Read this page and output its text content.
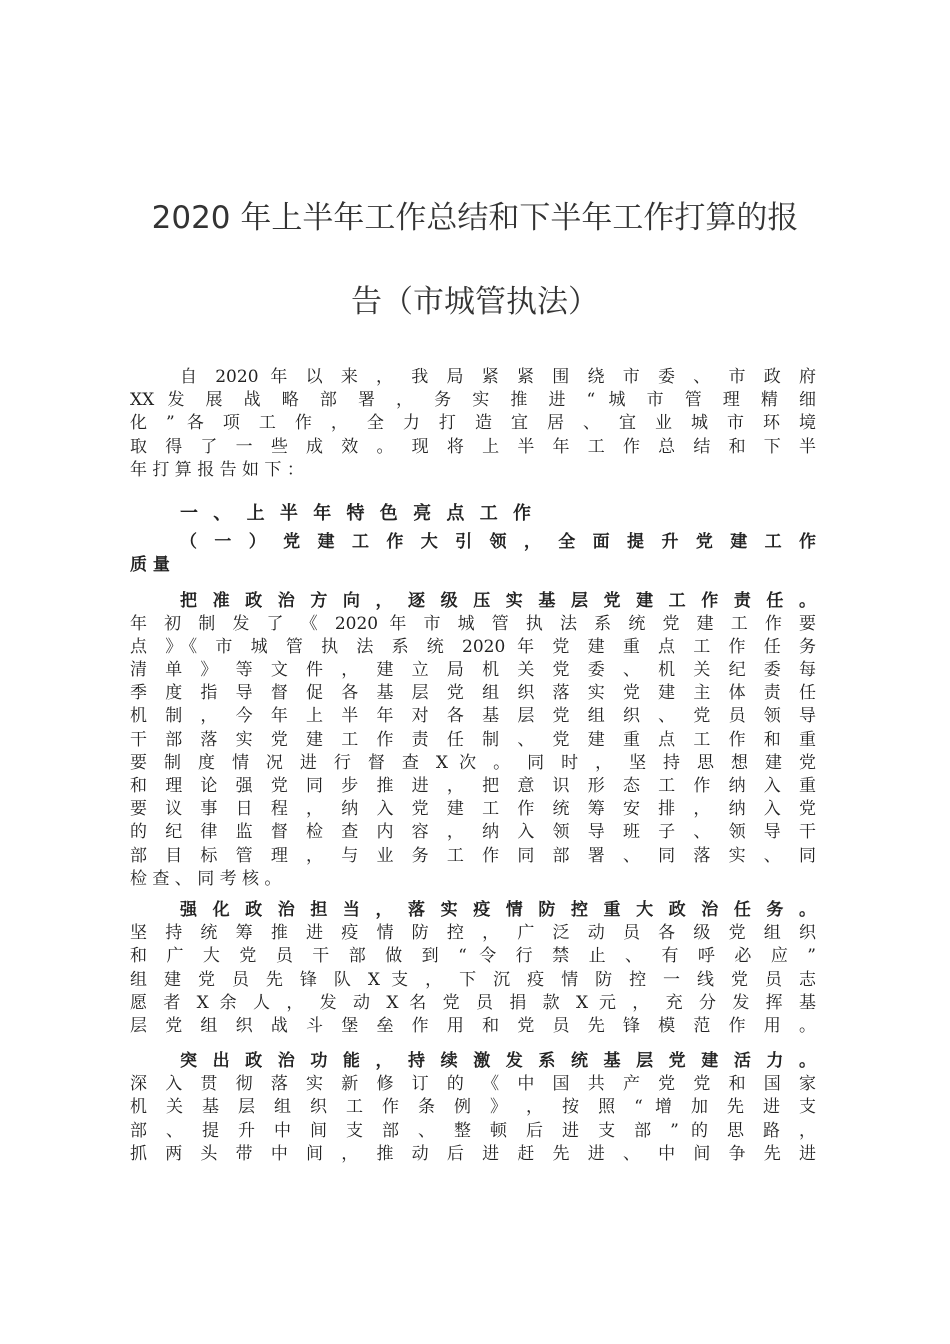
2020 年上半年工作总结和下半年工作打算的报
告（市城管执法）
自 2020 年 以 来 ， 我 局 紧 紧 围 绕 市 委 、 市 政 府
XX 发 展 战 略 部 署 ， 务 实 推 进 “ 城 市 管 理 精 细
化 ” 各 项 工 作 ， 全 力 打 造 宜 居 、 宜 业 城 市 环 境
取 得 了 一 些 成 效 。 现 将 上 半 年 工 作 总 结 和 下 半
年 打 算 报 告 如 下 ：
一、上半年特色亮点工作
（ 一 ） 党 建 工 作 大 引 领 ， 全 面 提 升 党 建 工 作
质 量
把 准 政 治 方 向 ， 逐 级 压 实 基 层 党 建 工 作 责 任 。
年 初 制 发 了 《 2020 年 市 城 管 执 法 系 统 党 建 工 作 要
点 》《 市 城 管 执 法 系 统 2020 年 党 建 重 点 工 作 任 务
清 单 》 等 文 件 ， 建 立 局 机 关 党 委 、 机 关 纪 委 每
季 度 指 导 督 促 各 基 层 党 组 织 落 实 党 建 主 体 责 任
机 制 ， 今 年 上 半 年 对 各 基 层 党 组 织 、 党 员 领 导
干 部 落 实 党 建 工 作 责 任 制 、 党 建 重 点 工 作 和 重
要 制 度 情 况 进 行 督 查 X 次 。 同 时 ， 坚 持 思 想 建 党
和 理 论 强 党 同 步 推 进 ， 把 意 识 形 态 工 作 纳 入 重
要 议 事 日 程 ， 纳 入 党 建 工 作 统 筹 安 排 ， 纳 入 党
的 纪 律 监 督 检 查 内 容 ， 纳 入 领 导 班 子 、 领 导 干
部 目 标 管 理 ， 与 业 务 工 作 同 部 署 、 同 落 实 、 同
检 查 、 同 考 核 。
强 化 政 治 担 当 ， 落 实 疫 情 防 控 重 大 政 治 任 务 。
坚 持 统 筹 推 进 疫 情 防 控 ， 广 泛 动 员 各 级 党 组 织
和 广 大 党 员 干 部 做 到 “ 令 行 禁 止 、 有 呼 必 应 ”
组 建 党 员 先 锋 队 X 支 ， 下 沉 疫 情 防 控 一 线 党 员 志
愿 者 X 余 人 ， 发 动 X 名 党 员 捐 款 X 元 ， 充 分 发 挥 基
层 党 组 织 战 斗 堡 垒 作 用 和 党 员 先 锋 模 范 作 用 。
突 出 政 治 功 能 ， 持 续 激 发 系 统 基 层 党 建 活 力 。
深 入 贯 彻 落 实 新 修 订 的 《 中 国 共 产 党 党 和 国 家
机 关 基 层 组 织 工 作 条 例 》 ， 按 照 “ 增 加 先 进 支
部 、 提 升 中 间 支 部 、 整 顿 后 进 支 部 ” 的 思 路 ，
抓 两 头 带 中 间 ， 推 动 后 进 赶 先 进 、 中 间 争 先 进
